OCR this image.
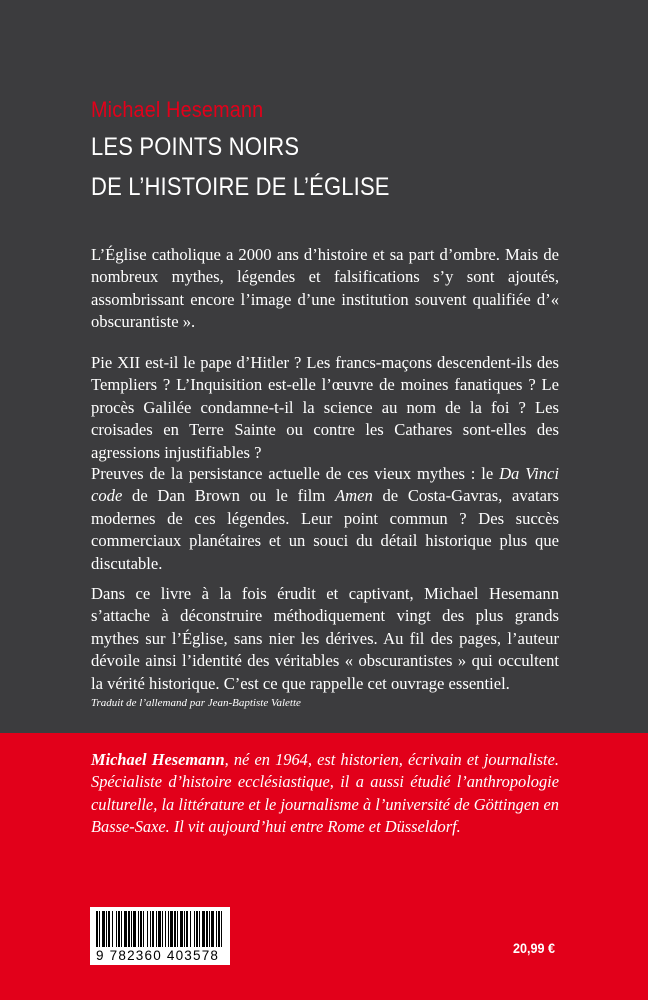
Michael Hesemann
LES POINTS NOIRS
DE L’HISTOIRE DE L’ÉGLISE
L’Église catholique a 2000 ans d’histoire et sa part d’ombre. Mais de nombreux mythes, légendes et falsifications s’y sont ajoutés, assombrissant encore l’image d’une institution souvent qualifiée d’« obscurantiste ».
Pie XII est-il le pape d’Hitler ? Les francs-maçons descendent-ils des Templiers ? L’Inquisition est-elle l’œuvre de moines fanatiques ? Le procès Galilée condamne-t-il la science au nom de la foi ? Les croisades en Terre Sainte ou contre les Cathares sont-elles des agressions injustifiables ?
Preuves de la persistance actuelle de ces vieux mythes : le Da Vinci code de Dan Brown ou le film Amen de Costa-Gavras, avatars modernes de ces légendes. Leur point commun ? Des succès commerciaux planétaires et un souci du détail historique plus que discutable.
Dans ce livre à la fois érudit et captivant, Michael Hesemann s’attache à déconstruire méthodiquement vingt des plus grands mythes sur l’Église, sans nier les dérives. Au fil des pages, l’auteur dévoile ainsi l’identité des véritables « obscurantistes » qui occultent la vérité historique. C’est ce que rappelle cet ouvrage essentiel.
Traduit de l’allemand par Jean-Baptiste Valette
Michael Hesemann, né en 1964, est historien, écrivain et journaliste. Spécialiste d’histoire ecclésiastique, il a aussi étudié l’anthropologie culturelle, la littérature et le journalisme à l’université de Göttingen en Basse-Saxe. Il vit aujourd’hui entre Rome et Düsseldorf.
9 782360 403578	20,99 €
